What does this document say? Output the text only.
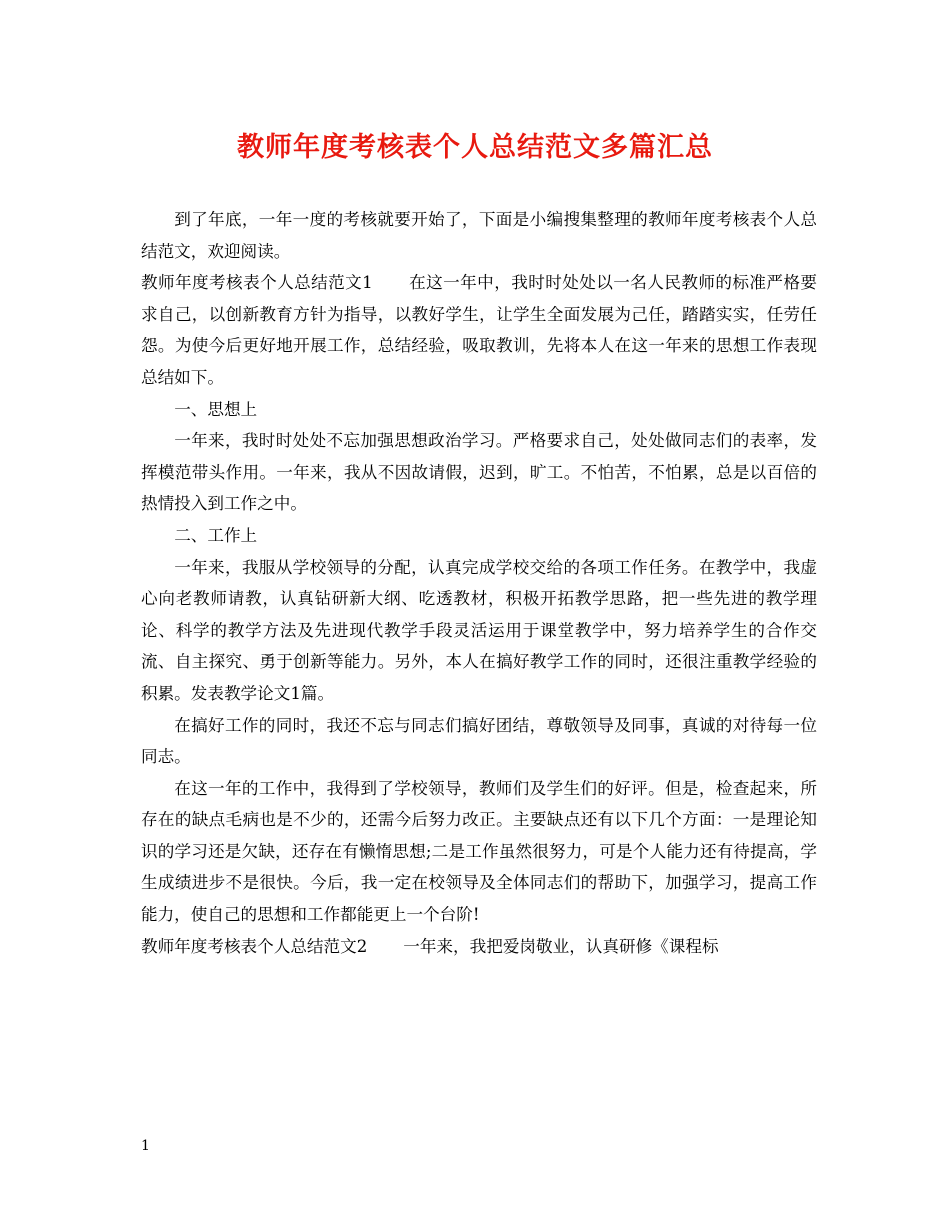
教师年度考核表个人总结范文多篇汇总

到了年底，一年一度的考核就要开始了，下面是小编搜集整理的教师年度考核表个人总结范文，欢迎阅读。

教师年度考核表个人总结范文1 在这一年中，我时时处处以一名人民教师的标准严格要求自己，以创新教育方针为指导，以教好学生，让学生全面发展为己任，踏踏实实，任劳任怨。为使今后更好地开展工作，总结经验，吸取教训，先将本人在这一年来的思想工作表现总结如下。

一、思想上

一年来，我时时处处不忘加强思想政治学习。严格要求自己，处处做同志们的表率，发挥模范带头作用。一年来，我从不因故请假，迟到，旷工。不怕苦，不怕累，总是以百倍的热情投入到工作之中。

二、工作上

一年来，我服从学校领导的分配，认真完成学校交给的各项工作任务。在教学中，我虚心向老教师请教，认真钻研新大纲、吃透教材，积极开拓教学思路，把一些先进的教学理论、科学的教学方法及先进现代教学手段灵活运用于课堂教学中，努力培养学生的合作交流、自主探究、勇于创新等能力。另外，本人在搞好教学工作的同时，还很注重教学经验的积累。发表教学论文1篇。

在搞好工作的同时，我还不忘与同志们搞好团结，尊敬领导及同事，真诚的对待每一位同志。

在这一年的工作中，我得到了学校领导，教师们及学生们的好评。但是，检查起来，所存在的缺点毛病也是不少的，还需今后努力改正。主要缺点还有以下几个方面：一是理论知识的学习还是欠缺，还存在有懒惰思想;二是工作虽然很努力，可是个人能力还有待提高，学生成绩进步不是很快。今后，我一定在校领导及全体同志们的帮助下，加强学习，提高工作能力，使自己的思想和工作都能更上一个台阶!

教师年度考核表个人总结范文2 一年来，我把爱岗敬业，认真研修《课程标

1
